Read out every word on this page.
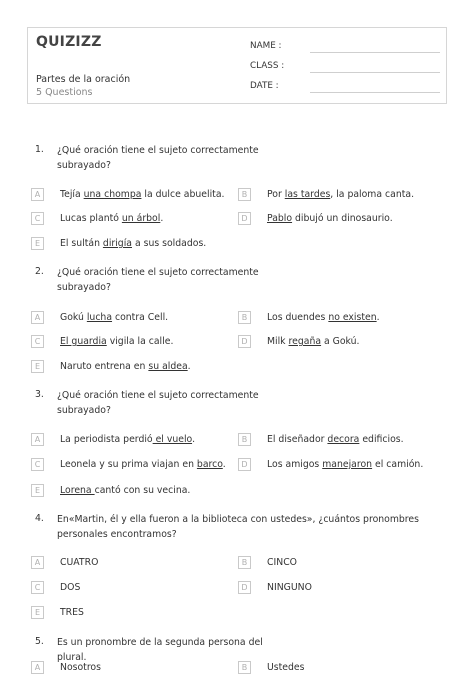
QUIZIZZ
Partes de la oración
5 Questions
NAME :
CLASS :
DATE :
1. ¿Qué oración tiene el sujeto correctamente subrayado?
A	Tejía una chompa la dulce abuelita.	B	Por las tardes, la paloma canta.
C	Lucas plantó un árbol.	D	Pablo dibujó un dinosaurio.
E	El sultán dirigía a sus soldados.
2. ¿Qué oración tiene el sujeto correctamente subrayado?
A	Gokú lucha contra Cell.	B	Los duendes no existen.
C	El guardia vigila la calle.	D	Milk regaña a Gokú.
E	Naruto entrena en su aldea.
3. ¿Qué oración tiene el sujeto correctamente subrayado?
A	La periodista perdió el vuelo.	B	El diseñador decora edificios.
C	Leonela y su prima viajan en barco.	D	Los amigos manejaron el camión.
E	Lorena cantó con su vecina.
4. En«Martin, él y ella fueron a la biblioteca con ustedes», ¿cuántos pronombres personales encontramos?
A	CUATRO	B	CINCO
C	DOS	D	NINGUNO
E	TRES
5. Es un pronombre de la segunda persona del plural.
A	Nosotros	B	Ustedes
